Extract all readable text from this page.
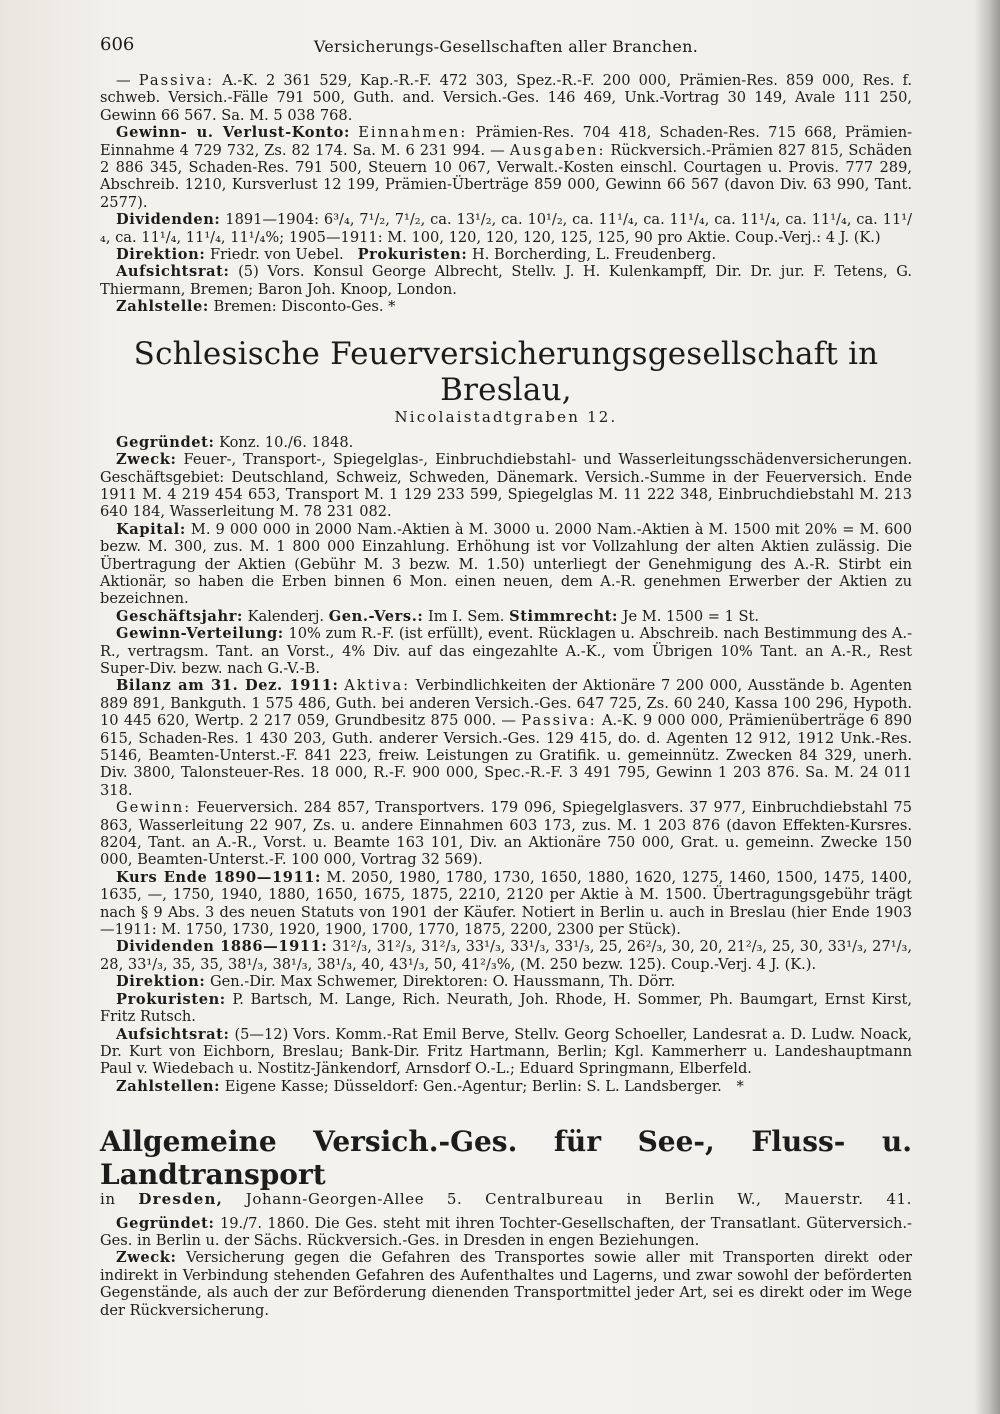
606	Versicherungs-Gesellschaften aller Branchen.

— Passiva: A.-K. 2 361 529, Kap.-R.-F. 472 303, Spez.-R.-F. 200 000, Prämien-Res. 859 000, Res. f. schweb. Versich.-Fälle 791 500, Guth. and. Versich.-Ges. 146 469, Unk.-Vortrag 30 149, Avale 111 250, Gewinn 66 567. Sa. M. 5 038 768.

Gewinn- u. Verlust-Konto: Einnahmen: Prämien-Res. 704 418, Schaden-Res. 715 668, Prämien-Einnahme 4 729 732, Zs. 82 174. Sa. M. 6 231 994. — Ausgaben: Rückversich.-Prämien 827 815, Schäden 2 886 345, Schaden-Res. 791 500, Steuern 10 067, Verwalt.-Kosten einschl. Courtagen u. Provis. 777 289, Abschreib. 1210, Kursverlust 12 199, Prämien-Überträge 859 000, Gewinn 66 567 (davon Div. 63 990, Tant. 2577).

Dividenden: 1891—1904: 6³/₄, 7¹/₂, 7¹/₂, ca. 13¹/₂, ca. 10¹/₂, ca. 11¹/₄, ca. 11¹/₄, ca. 11¹/₄, ca. 11¹/₄, ca. 11¹/₄, ca. 11¹/₄, 11¹/₄, 11¹/₄%; 1905—1911: M. 100, 120, 120, 120, 125, 125, 90 pro Aktie. Coup.-Verj.: 4 J. (K.)

Direktion: Friedr. von Uebel. Prokuristen: H. Borcherding, L. Freudenberg.

Aufsichtsrat: (5) Vors. Konsul George Albrecht, Stellv. J. H. Kulenkampff, Dir. Dr. jur. F. Tetens, G. Thiermann, Bremen; Baron Joh. Knoop, London.

Zahlstelle: Bremen: Disconto-Ges. *

Schlesische Feuerversicherungsgesellschaft in Breslau,
Nicolaistadtgraben 12.

Gegründet: Konz. 10./6. 1848.

Zweck: Feuer-, Transport-, Spiegelglas-, Einbruchdiebstahl- und Wasserleitungsschädenversicherungen. Geschäftsgebiet: Deutschland, Schweiz, Schweden, Dänemark. Versich.-Summe in der Feuerversich. Ende 1911 M. 4 219 454 653, Transport M. 1 129 233 599, Spiegelglas M. 11 222 348, Einbruchdiebstahl M. 213 640 184, Wasserleitung M. 78 231 082.

Kapital: M. 9 000 000 in 2000 Nam.-Aktien à M. 3000 u. 2000 Nam.-Aktien à M. 1500 mit 20% = M. 600 bezw. M. 300, zus. M. 1 800 000 Einzahlung. Erhöhung ist vor Vollzahlung der alten Aktien zulässig. Die Übertragung der Aktien (Gebühr M. 3 bezw. M. 1.50) unterliegt der Genehmigung des A.-R. Stirbt ein Aktionär, so haben die Erben binnen 6 Mon. einen neuen, dem A.-R. genehmen Erwerber der Aktien zu bezeichnen.

Geschäftsjahr: Kalenderj. Gen.-Vers.: Im I. Sem. Stimmrecht: Je M. 1500 = 1 St.

Gewinn-Verteilung: 10% zum R.-F. (ist erfüllt), event. Rücklagen u. Abschreib. nach Bestimmung des A.-R., vertragsm. Tant. an Vorst., 4% Div. auf das eingezahlte A.-K., vom Übrigen 10% Tant. an A.-R., Rest Super-Div. bezw. nach G.-V.-B.

Bilanz am 31. Dez. 1911: Aktiva: Verbindlichkeiten der Aktionäre 7 200 000, Ausstände b. Agenten 889 891, Bankguth. 1 575 486, Guth. bei anderen Versich.-Ges. 647 725, Zs. 60 240, Kassa 100 296, Hypoth. 10 445 620, Wertp. 2 217 059, Grundbesitz 875 000. — Passiva: A.-K. 9 000 000, Prämienüberträge 6 890 615, Schaden-Res. 1 430 203, Guth. anderer Versich.-Ges. 129 415, do. d. Agenten 12 912, 1912 Unk.-Res. 5146, Beamten-Unterst.-F. 841 223, freiw. Leistungen zu Gratifik. u. gemeinnütz. Zwecken 84 329, unerh. Div. 3800, Talonsteuer-Res. 18 000, R.-F. 900 000, Spec.-R.-F. 3 491 795, Gewinn 1 203 876. Sa. M. 24 011 318.

Gewinn: Feuerversich. 284 857, Transportvers. 179 096, Spiegelglasvers. 37 977, Einbruchdiebstahl 75 863, Wasserleitung 22 907, Zs. u. andere Einnahmen 603 173, zus. M. 1 203 876 (davon Effekten-Kursres. 8204, Tant. an A.-R., Vorst. u. Beamte 163 101, Div. an Aktionäre 750 000, Grat. u. gemeinn. Zwecke 150 000, Beamten-Unterst.-F. 100 000, Vortrag 32 569).

Kurs Ende 1890—1911: M. 2050, 1980, 1780, 1730, 1650, 1880, 1620, 1275, 1460, 1500, 1475, 1400, 1635, —, 1750, 1940, 1880, 1650, 1675, 1875, 2210, 2120 per Aktie à M. 1500. Übertragungsgebühr trägt nach § 9 Abs. 3 des neuen Statuts von 1901 der Käufer. Notiert in Berlin u. auch in Breslau (hier Ende 1903—1911: M. 1750, 1730, 1920, 1900, 1700, 1770, 1875, 2200, 2300 per Stück).

Dividenden 1886—1911: 31²/₃, 31²/₃, 31²/₃, 33¹/₃, 33¹/₃, 33¹/₃, 25, 26²/₃, 30, 20, 21²/₃, 25, 30, 33¹/₃, 27¹/₃, 28, 33¹/₃, 35, 35, 38¹/₃, 38¹/₃, 38¹/₃, 40, 43¹/₃, 50, 41²/₃%, (M. 250 bezw. 125). Coup.-Verj. 4 J. (K.).

Direktion: Gen.-Dir. Max Schwemer, Direktoren: O. Haussmann, Th. Dörr.

Prokuristen: P. Bartsch, M. Lange, Rich. Neurath, Joh. Rhode, H. Sommer, Ph. Baumgart, Ernst Kirst, Fritz Rutsch.

Aufsichtsrat: (5—12) Vors. Komm.-Rat Emil Berve, Stellv. Georg Schoeller, Landesrat a. D. Ludw. Noack, Dr. Kurt von Eichborn, Breslau; Bank-Dir. Fritz Hartmann, Berlin; Kgl. Kammerherr u. Landeshauptmann Paul v. Wiedebach u. Nostitz-Jänkendorf, Arnsdorf O.-L.; Eduard Springmann, Elberfeld.

Zahlstellen: Eigene Kasse; Düsseldorf: Gen.-Agentur; Berlin: S. L. Landsberger. *

Allgemeine Versich.-Ges. für See-, Fluss- u. Landtransport
in Dresden, Johann-Georgen-Allee 5. Centralbureau in Berlin W., Mauerstr. 41.

Gegründet: 19./7. 1860. Die Ges. steht mit ihren Tochter-Gesellschaften, der Transatlant. Güterversich.-Ges. in Berlin u. der Sächs. Rückversich.-Ges. in Dresden in engen Beziehungen.

Zweck: Versicherung gegen die Gefahren des Transportes sowie aller mit Transporten direkt oder indirekt in Verbindung stehenden Gefahren des Aufenthaltes und Lagerns, und zwar sowohl der beförderten Gegenstände, als auch der zur Beförderung dienenden Transportmittel jeder Art, sei es direkt oder im Wege der Rückversicherung.
